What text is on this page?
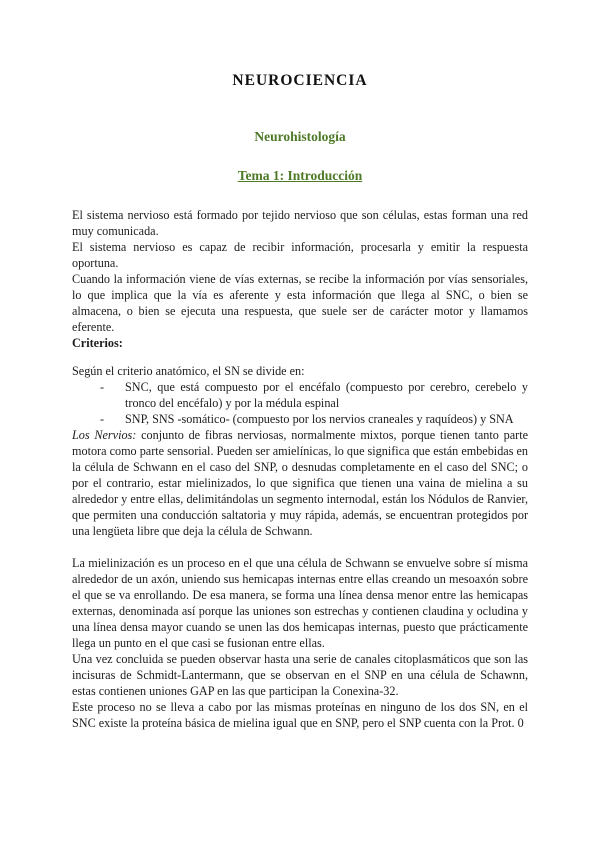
NEUROCIENCIA
Neurohistología
Tema 1: Introducción

El sistema nervioso está formado por tejido nervioso que son células, estas forman una red muy comunicada.

El sistema nervioso es capaz de recibir información, procesarla y emitir la respuesta oportuna.

Cuando la información viene de vías externas, se recibe la información por vías sensoriales, lo que implica que la vía es aferente y esta información que llega al SNC, o bien se almacena, o bien se ejecuta una respuesta, que suele ser de carácter motor y llamamos eferente.

Criterios:

Según el criterio anatómico, el SN se divide en:

-	SNC, que está compuesto por el encéfalo (compuesto por cerebro, cerebelo y tronco del encéfalo) y por la médula espinal
-	SNP, SNS -somático- (compuesto por los nervios craneales y raquídeos) y SNA

Los Nervios: conjunto de fibras nerviosas, normalmente mixtos, porque tienen tanto parte motora como parte sensorial. Pueden ser amielínicas, lo que significa que están embebidas en la célula de Schwann en el caso del SNP, o desnudas completamente en el caso del SNC; o por el contrario, estar mielinizados, lo que significa que tienen una vaina de mielina a su alrededor y entre ellas, delimitándolas un segmento internodal, están los Nódulos de Ranvier, que permiten una conducción saltatoria y muy rápida, además, se encuentran protegidos por una lengüeta libre que deja la célula de Schwann.

La mielinización es un proceso en el que una célula de Schwann se envuelve sobre sí misma alrededor de un axón, uniendo sus hemicapas internas entre ellas creando un mesoaxón sobre el que se va enrollando. De esa manera, se forma una línea densa menor entre las hemicapas externas, denominada así porque las uniones son estrechas y contienen claudina y ocludina y una línea densa mayor cuando se unen las dos hemicapas internas, puesto que prácticamente llega un punto en el que casi se fusionan entre ellas.

Una vez concluida se pueden observar hasta una serie de canales citoplasmáticos que son las incisuras de Schmidt-Lantermann, que se observan en el SNP en una célula de Schawnn, estas contienen uniones GAP en las que participan la Conexina-32.

Este proceso no se lleva a cabo por las mismas proteínas en ninguno de los dos SN, en el SNC existe la proteína básica de mielina igual que en SNP, pero el SNP cuenta con la Prot. 0
